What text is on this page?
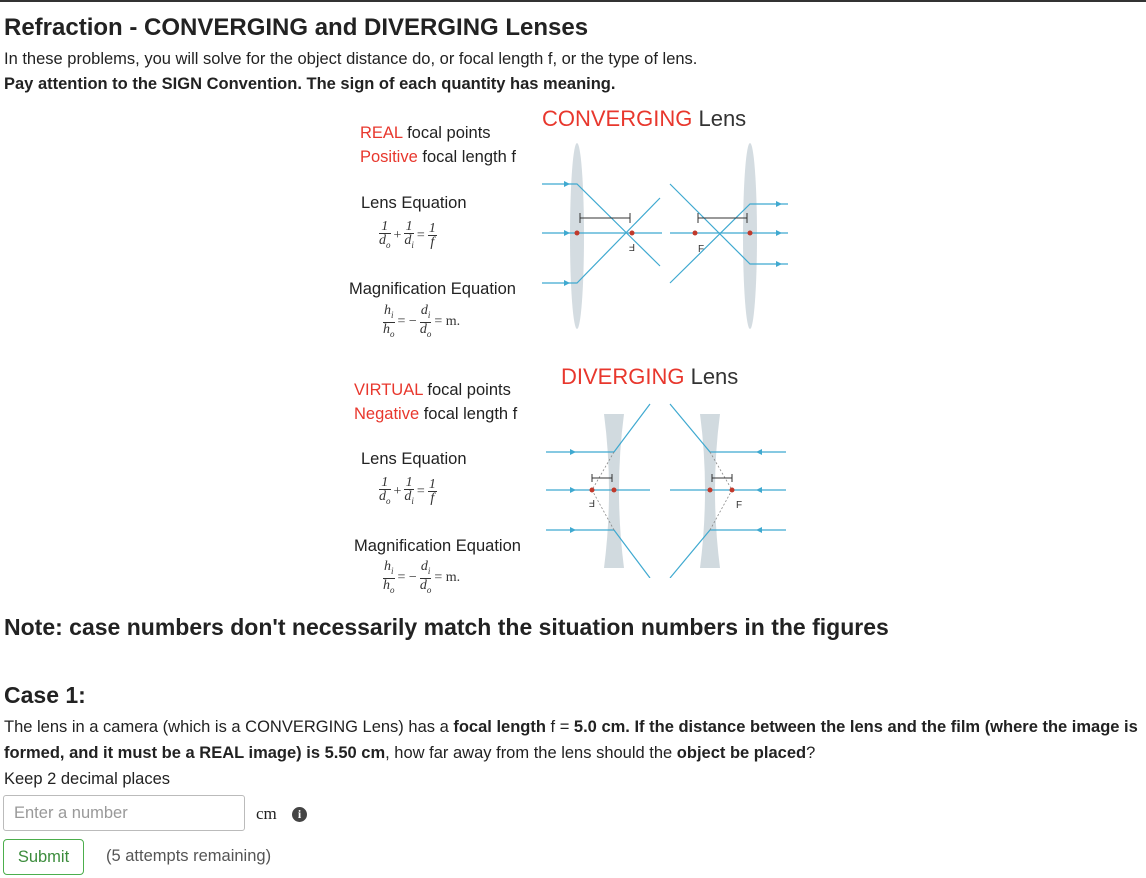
Refraction - CONVERGING and DIVERGING Lenses
In these problems, you will solve for the object distance do, or focal length f, or the type of lens.
Pay attention to the SIGN Convention. The sign of each quantity has meaning.
CONVERGING Lens
REAL focal points
Positive focal length f
Lens Equation
$\frac{1}{d_o} + \frac{1}{d_i} = \frac{1}{f}$
Magnification Equation
$\frac{h_i}{h_o}$ = − $\frac{d_i}{d_o} = m$.
F	F
DIVERGING Lens
VIRTUAL focal points
Negative focal length f
Lens Equation
$\frac{1}{d_o} + \frac{1}{d_i} = \frac{1}{f}$
Magnification Equation
$\frac{h_i}{h_o}$ = − $\frac{d_i}{d_o} = m$.
F	F
Note: case numbers don't necessarily match the situation numbers in the figures
Case 1:
The lens in a camera (which is a CONVERGING Lens) has a focal length f = 5.0 cm. If the distance between the lens and the film (where the image is formed, and it must be a REAL image) is 5.50 cm, how far away from the lens should the object be placed?
Keep 2 decimal places
Enter a number
cm	i
Submit	(5 attempts remaining)
